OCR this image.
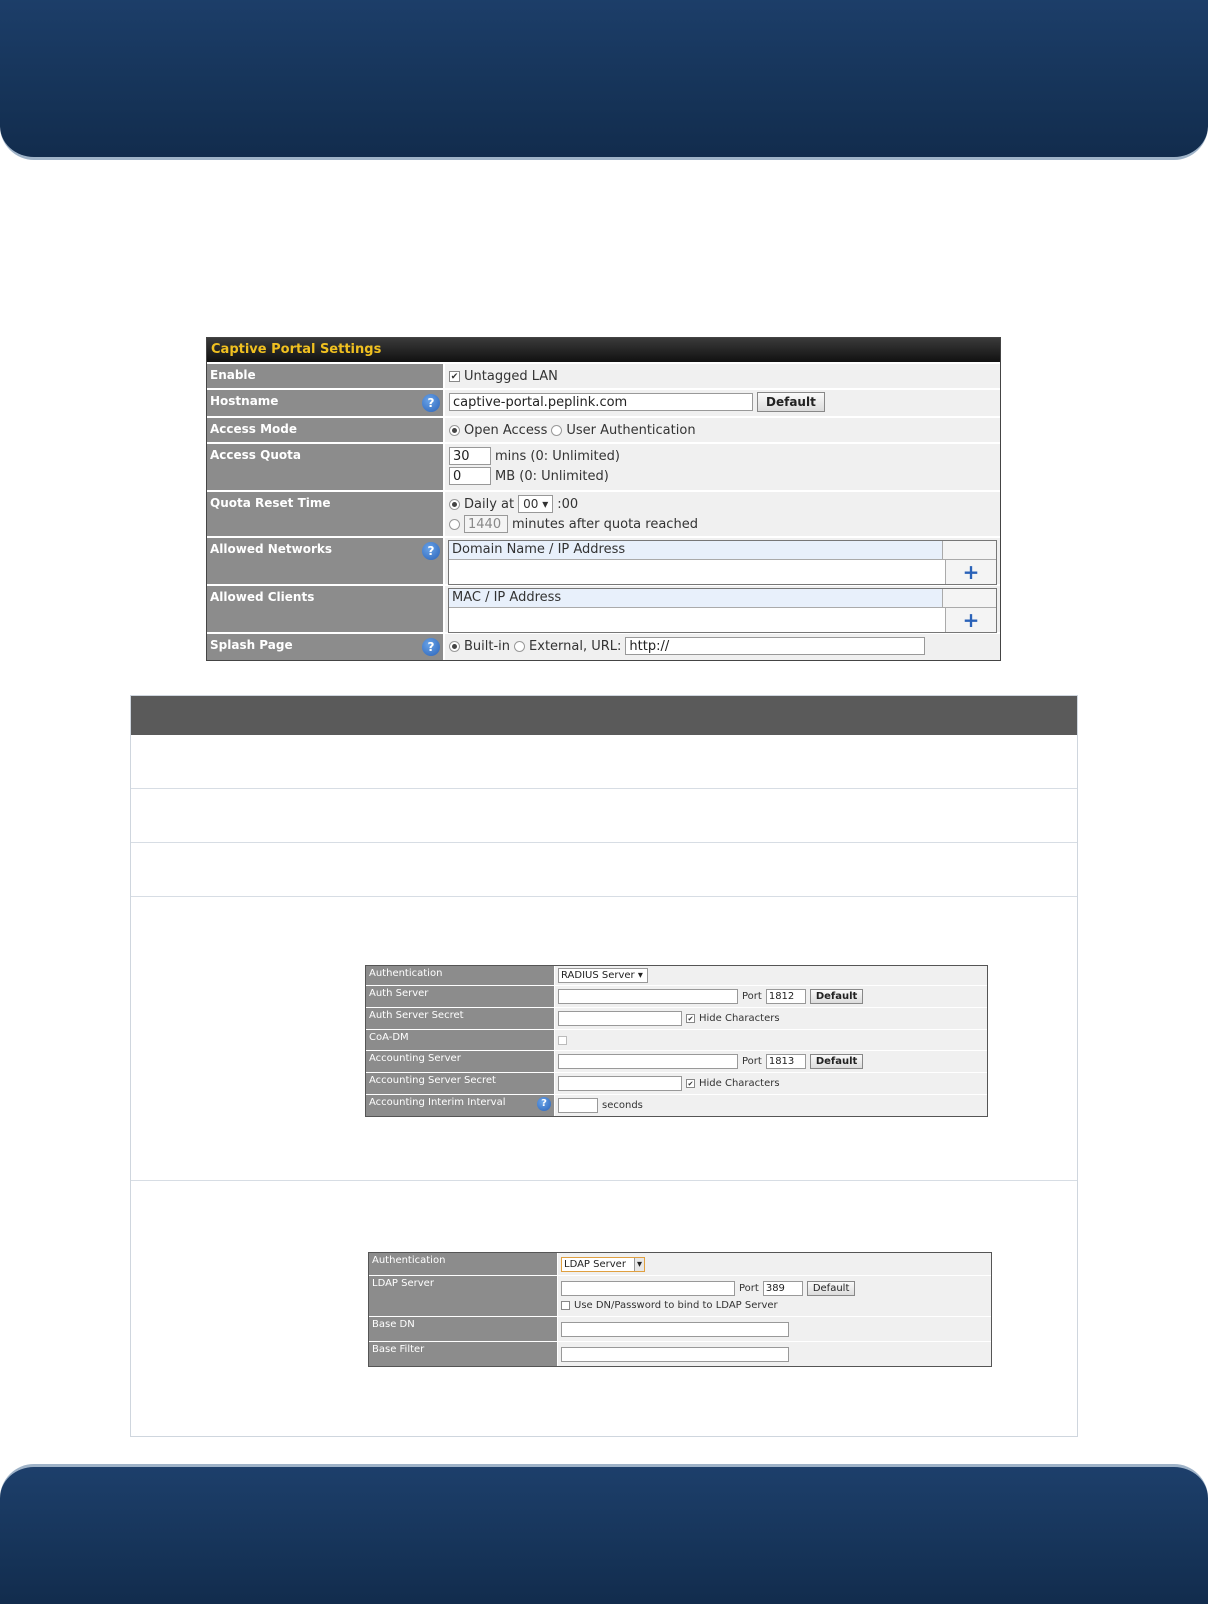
Captive Portal Settings
Enable	✔ Untagged LAN
Hostname	?	captive-portal.peplink.com	Default
Access Mode	Open Access User Authentication
Access Quota	30	mins (0: Unlimited)
0	MB (0: Unlimited)
Quota Reset Time	Daily at 00 ▾ :00
1440 minutes after quota reached
Allowed Networks	?	Domain Name / IP Address
+
Allowed Clients	MAC / IP Address
+
Splash Page	?	Built-in External, URL: http://
Authentication	RADIUS Server ▾
Auth Server	Port 1812	Default
Auth Server Secret	✔ Hide Characters
CoA-DM
Accounting Server	Port 1813	Default
Accounting Server Secret	✔ Hide Characters
Accounting Interim Interval	?	seconds
Authentication	LDAP Server	▾
LDAP Server	Port 389	Default
Use DN/Password to bind to LDAP Server
Base DN
Base Filter
